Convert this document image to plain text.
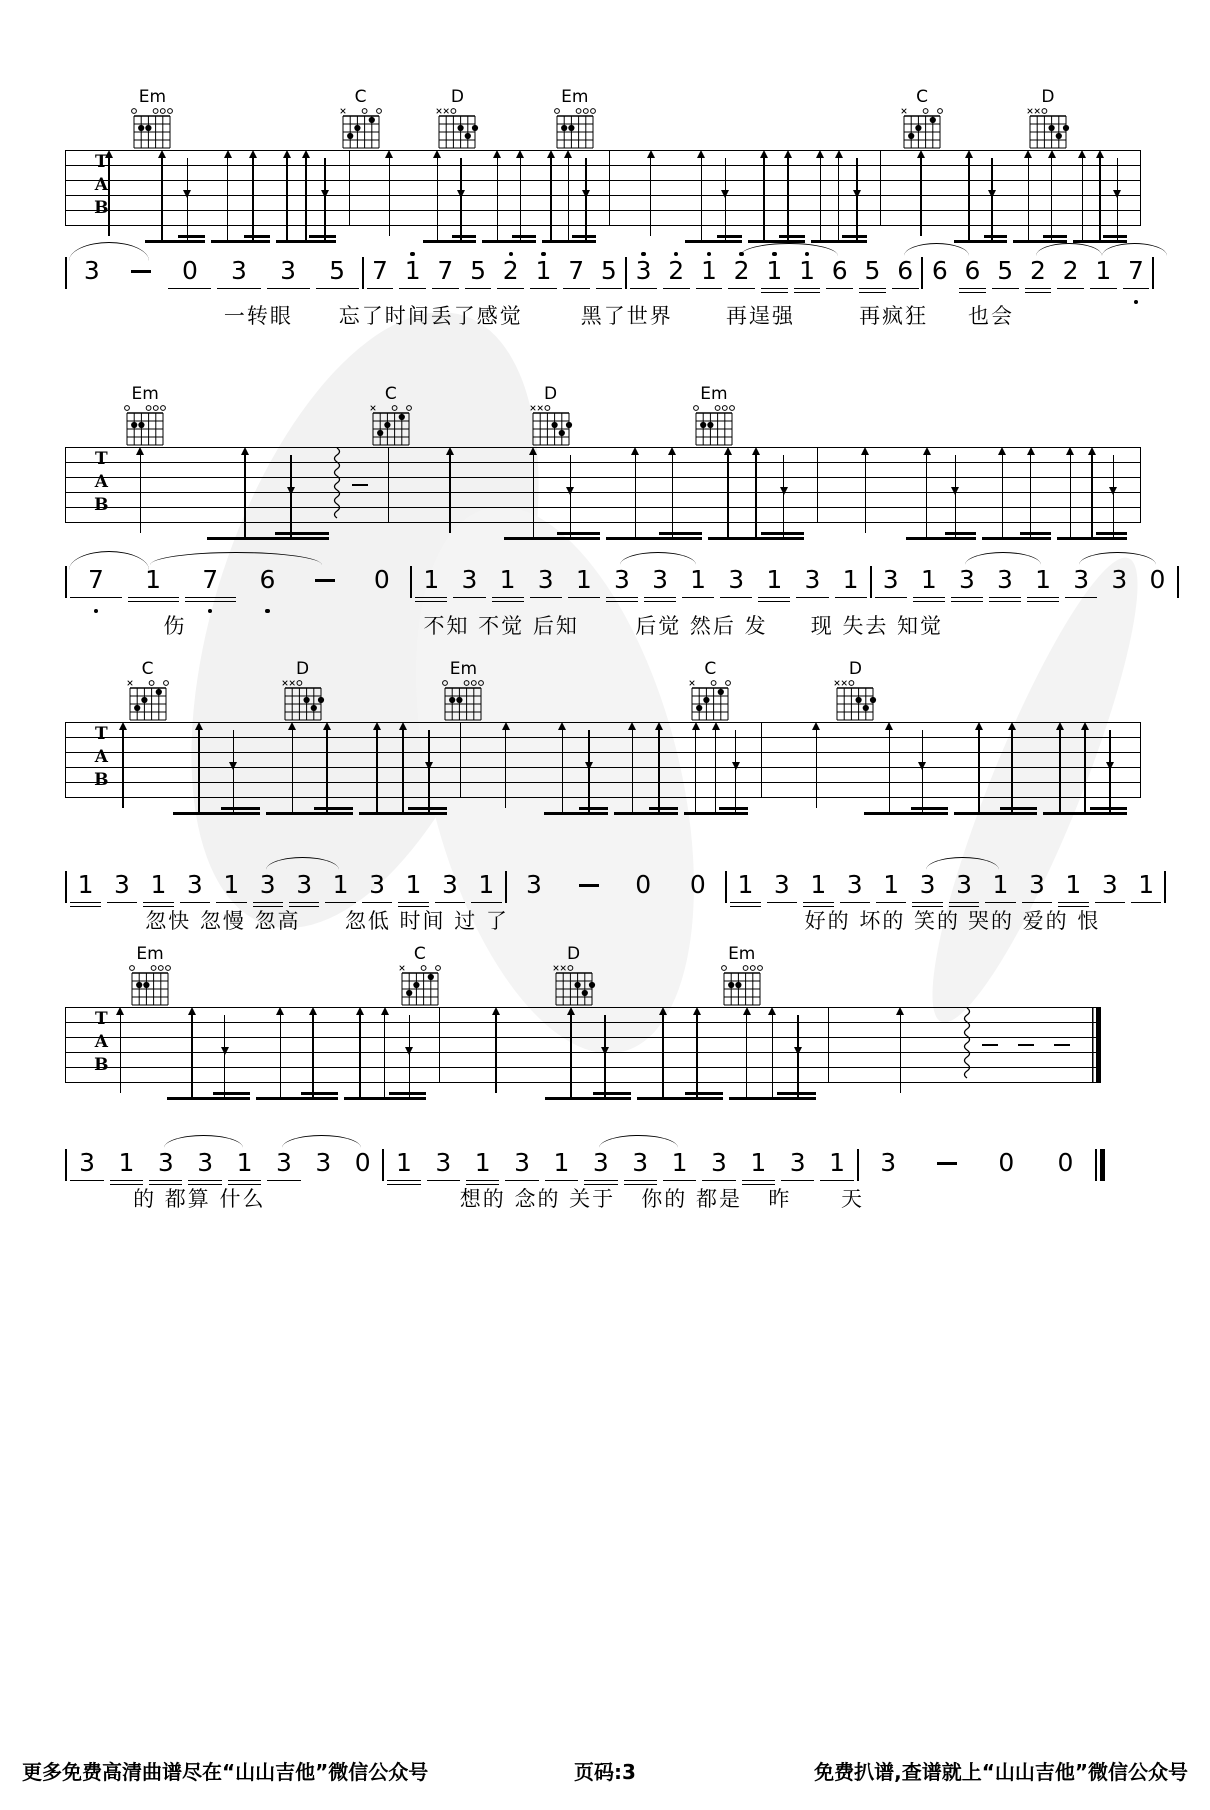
Em	C	D	Em	C	D
T
A
B
3	0	3	3	5	7 1 7 5 2 1 7 5 3 2 1 2 1 1 6 5 6 6 6 5 2 2 1 7
一转眼 忘了时间丢了感觉	黑了世界	再逞强	再疯狂 也会
Em	C	D	Em
T
A
B
7	1	7	6	0	1 3 1 3 1 3 3 1 3 1 3 1 3 1 3 3 1 3 3 0
伤	不知 不觉 后知	后觉 然后 发 现 失去 知觉
C	D	Em	C	D
T
A
B
1 3 1 3 1 3 3 1 3 1 3 1	3	0	0	1 3 1 3 1 3 3 1 3 1 3 1
忽快 忽慢 忽高 忽低 时间 过 了	好的 坏的 笑的 哭的 爱的 恨
Em	C	D	Em
T
A
B
3 1 3 3 1 3 3 0	1 3 1 3 1 3 3 1 3 1 3 1	3	0	0
的 都算 什么	想的 念的 关于 你的 都是 昨 天
更多免费高清曲谱尽在“山山吉他”微信公众号	页码:3	免费扒谱,查谱就上“山山吉他”微信公众号
